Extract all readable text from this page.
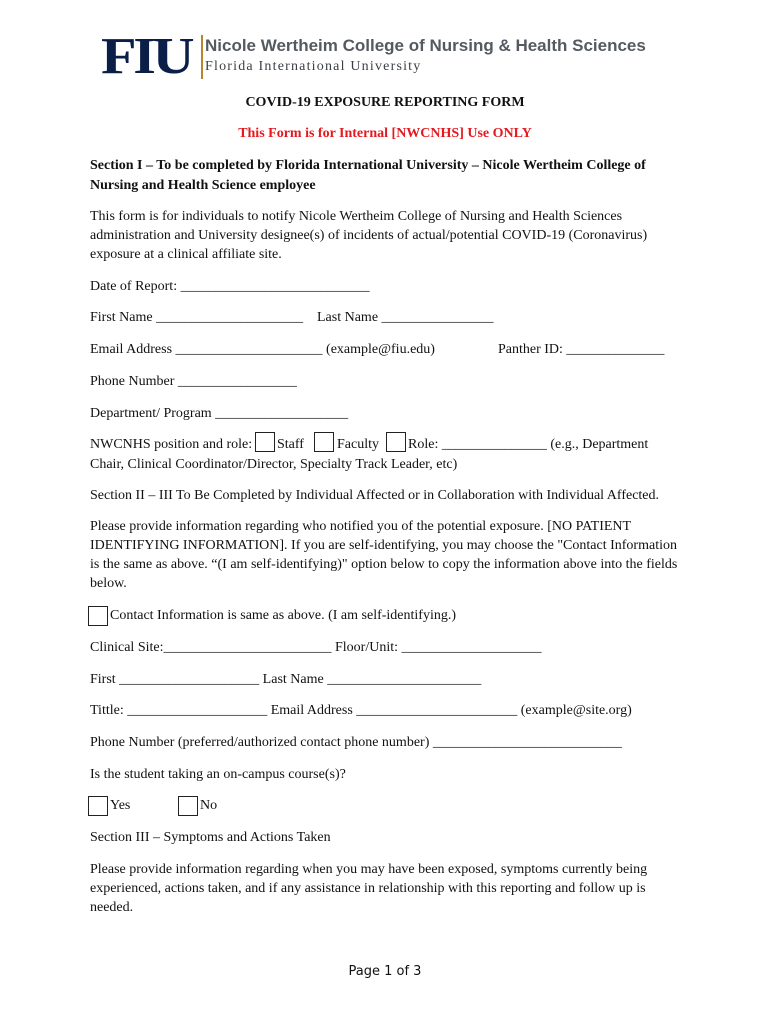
FIU Nicole Wertheim College of Nursing & Health Sciences
Florida International University
COVID-19 EXPOSURE REPORTING FORM
This Form is for Internal [NWCNHS] Use ONLY
Section I – To be completed by Florida International University – Nicole Wertheim College of
Nursing and Health Science employee
This form is for individuals to notify Nicole Wertheim College of Nursing and Health Sciences
administration and University designee(s) of incidents of actual/potential COVID-19 (Coronavirus)
exposure at a clinical affiliate site.
Date of Report: ___________________________
First Name _____________________ Last Name ________________
Email Address _____________________ (example@fiu.edu)	Panther ID: ______________
Phone Number _________________
Department/ Program ___________________
NWCNHS position and role: Staff Faculty Role: _______________ (e.g., Department
Chair, Clinical Coordinator/Director, Specialty Track Leader, etc)
Section II – III To Be Completed by Individual Affected or in Collaboration with Individual Affected.
Please provide information regarding who notified you of the potential exposure. [NO PATIENT
IDENTIFYING INFORMATION]. If you are self-identifying, you may choose the "Contact Information
is the same as above. “(I am self-identifying)" option below to copy the information above into the fields
below.
Contact Information is same as above. (I am self-identifying.)
Clinical Site:________________________ Floor/Unit: ____________________
First ____________________ Last Name ______________________
Tittle: ____________________ Email Address _______________________ (example@site.org)
Phone Number (preferred/authorized contact phone number) ___________________________
Is the student taking an on-campus course(s)?
Yes	No
Section III – Symptoms and Actions Taken
Please provide information regarding when you may have been exposed, symptoms currently being
experienced, actions taken, and if any assistance in relationship with this reporting and follow up is
needed.
Page 1 of 3
